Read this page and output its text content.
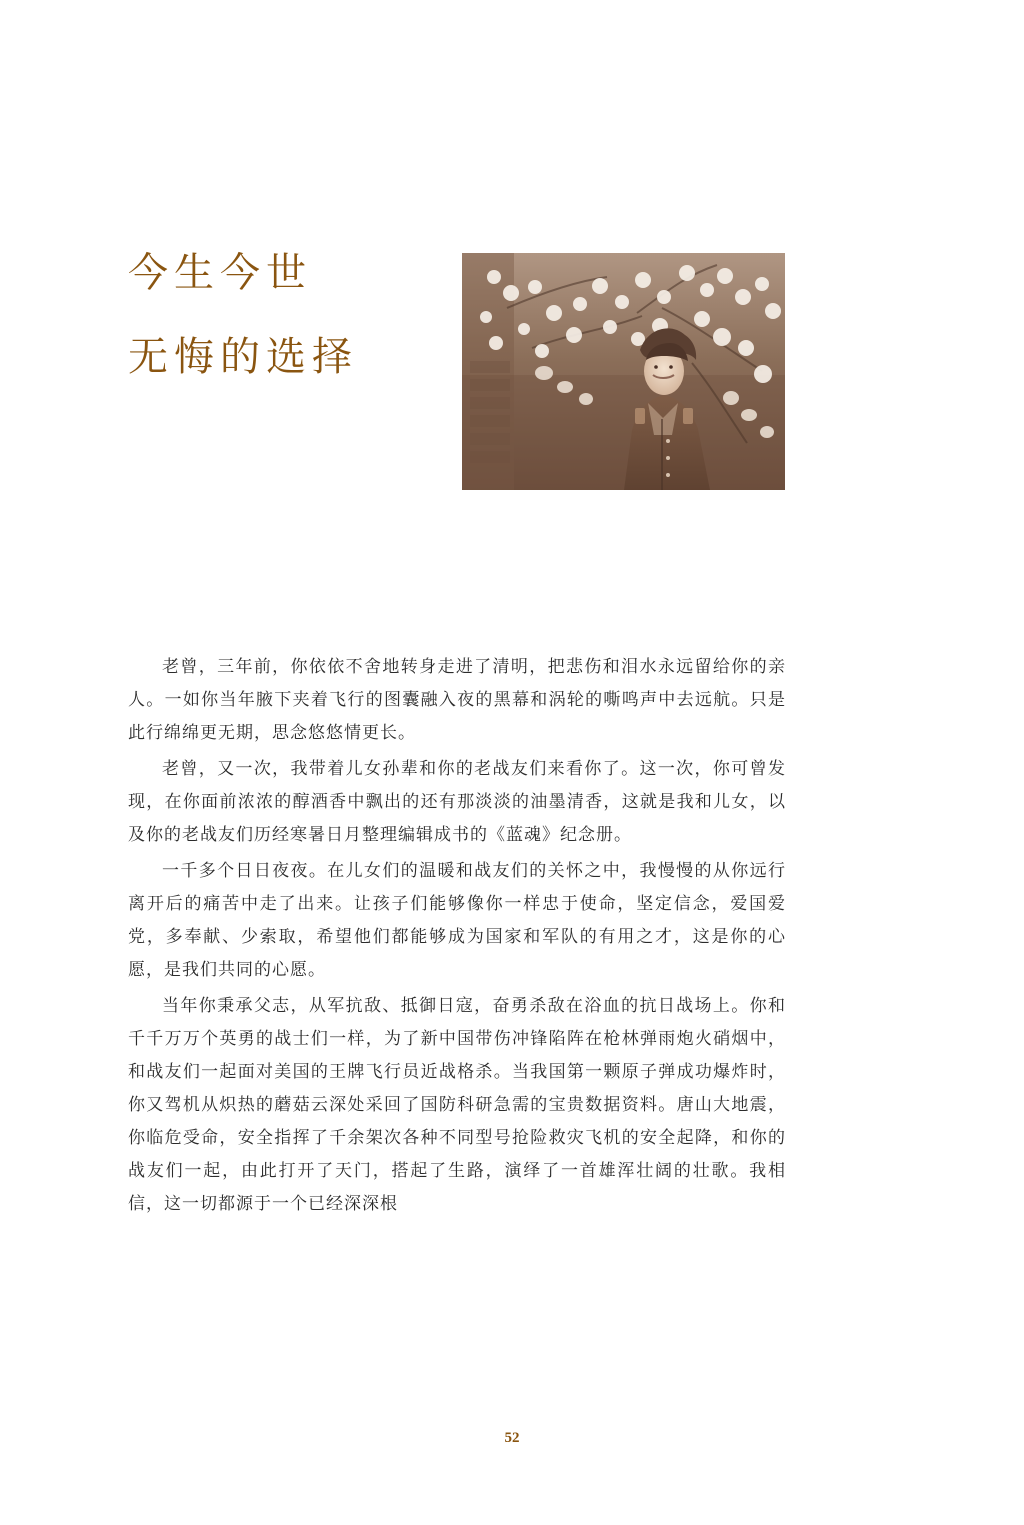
今生今世
无悔的选择

老曾，三年前，你依依不舍地转身走进了清明，把悲伤和泪水永远留给你的亲人。一如你当年腋下夹着飞行的图囊融入夜的黑幕和涡轮的嘶鸣声中去远航。只是此行绵绵更无期，思念悠悠情更长。

老曾，又一次，我带着儿女孙辈和你的老战友们来看你了。这一次，你可曾发现，在你面前浓浓的醇酒香中飘出的还有那淡淡的油墨清香，这就是我和儿女，以及你的老战友们历经寒暑日月整理编辑成书的《蓝魂》纪念册。

一千多个日日夜夜。在儿女们的温暖和战友们的关怀之中，我慢慢的从你远行离开后的痛苦中走了出来。让孩子们能够像你一样忠于使命，坚定信念，爱国爱党，多奉献、少索取，希望他们都能够成为国家和军队的有用之才，这是你的心愿，是我们共同的心愿。

当年你秉承父志，从军抗敌、抵御日寇，奋勇杀敌在浴血的抗日战场上。你和千千万万个英勇的战士们一样，为了新中国带伤冲锋陷阵在枪林弹雨炮火硝烟中，和战友们一起面对美国的王牌飞行员近战格杀。当我国第一颗原子弹成功爆炸时，你又驾机从炽热的蘑菇云深处采回了国防科研急需的宝贵数据资料。唐山大地震，你临危受命，安全指挥了千余架次各种不同型号抢险救灾飞机的安全起降，和你的战友们一起，由此打开了天门，搭起了生路，演绎了一首雄浑壮阔的壮歌。我相信，这一切都源于一个已经深深根

52
